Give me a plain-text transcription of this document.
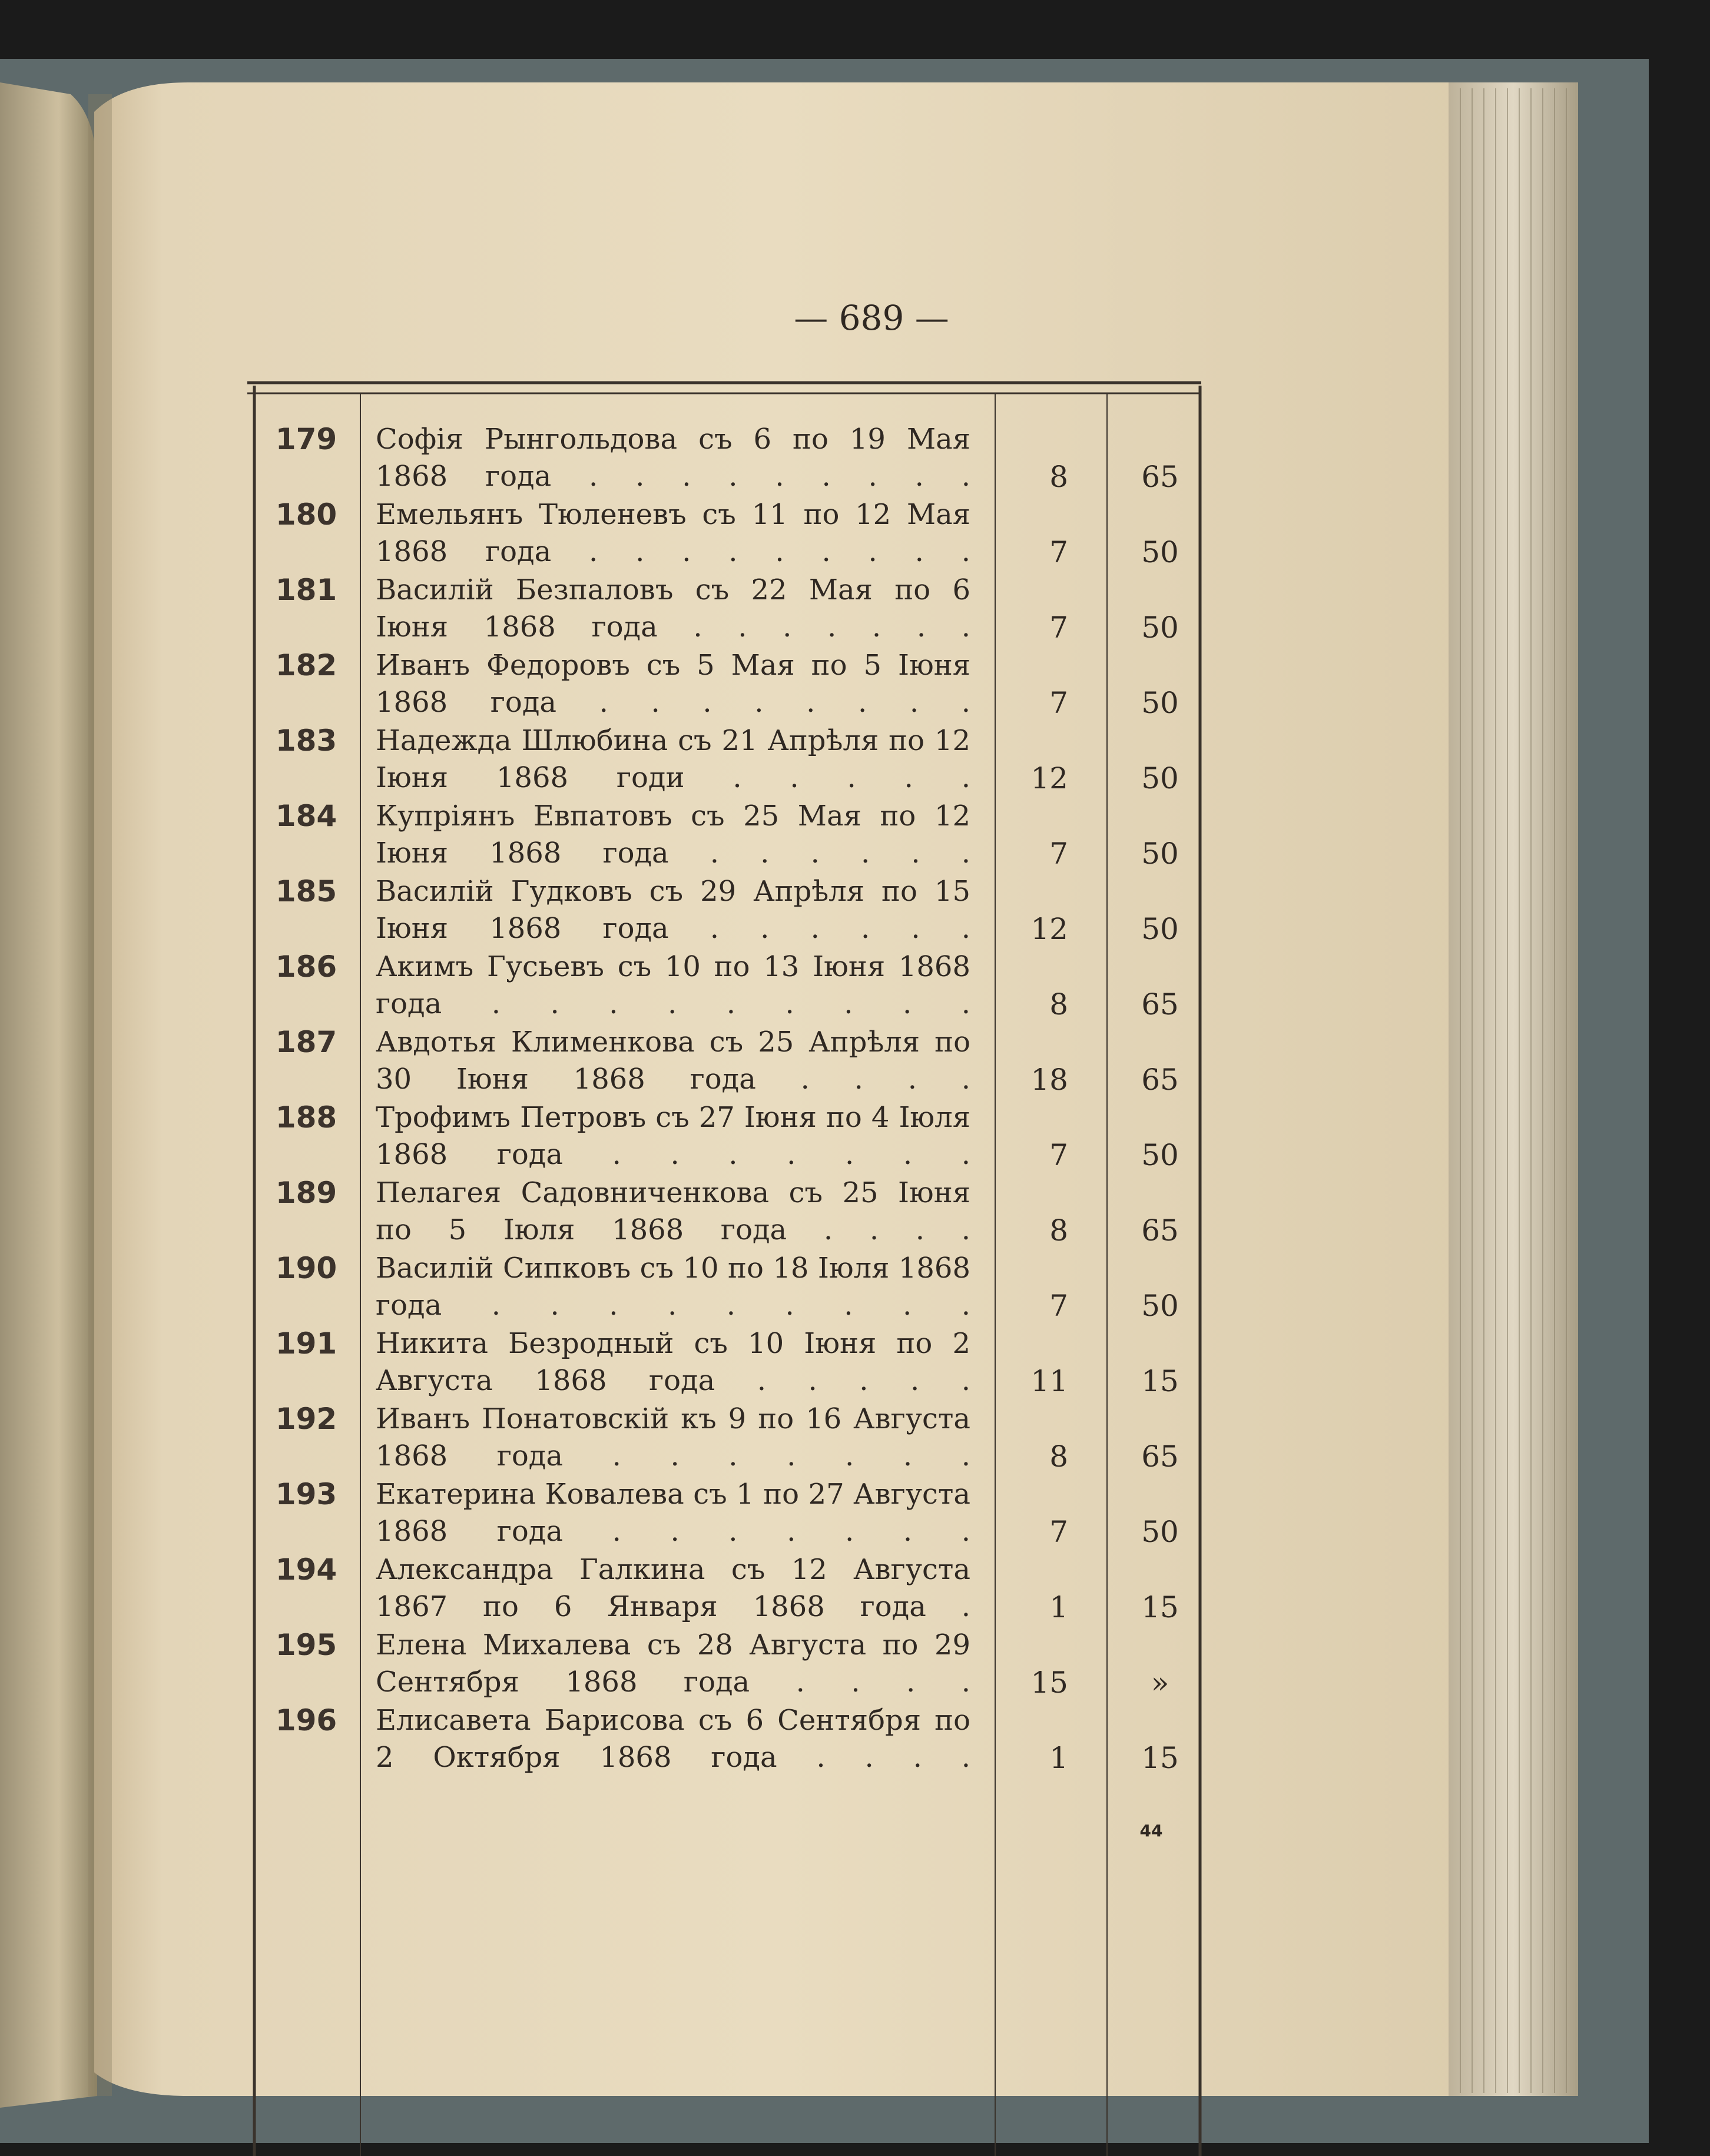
— 689 —
179	Софія Рынгольдова съ 6 по 19 Мая 1868 года . . . . . . . . .	8	65
180	Емельянъ Тюленевъ съ 11 по 12 Мая 1868 года . . . . . . . . .	7	50
181	Василій Безпаловъ съ 22 Мая по 6 Іюня 1868 года . . . . . . .	7	50
182	Иванъ Федоровъ съ 5 Мая по 5 Іюня 1868 года . . . . . . . .	7	50
183	Надежда Шлюбина съ 21 Апрѣля по 12 Іюня 1868 годи . . . . .	12	50
184	Купріянъ Евпатовъ съ 25 Мая по 12 Іюня 1868 года . . . . . .	7	50
185	Василій Гудковъ съ 29 Апрѣля по 15 Іюня 1868 года . . . . . .	12	50
186	Акимъ Гусьевъ съ 10 по 13 Іюня 1868 года . . . . . . . . .	8	65
187	Авдотья Клименкова съ 25 Апрѣля по 30 Іюня 1868 года . . . .	18	65
188	Трофимъ Петровъ съ 27 Іюня по 4 Іюля 1868 года . . . . . . .	7	50
189	Пелагея Садовниченкова съ 25 Іюня по 5 Іюля 1868 года . . . .	8	65
190	Василій Сипковъ съ 10 по 18 Іюля 1868 года . . . . . . . . .	7	50
191	Никита Безродный съ 10 Іюня по 2 Августа 1868 года . . . . .	11	15
192	Иванъ Понатовскій къ 9 по 16 Августа 1868 года . . . . . . .	8	65
193	Екатерина Ковалева съ 1 по 27 Августа 1868 года . . . . . . .	7	50
194	Александра Галкина съ 12 Августа 1867 по 6 Января 1868 года .	1	15
195	Елена Михалева съ 28 Августа по 29 Сентября 1868 года . . . .	15	»
196	Елисавета Барисова съ 6 Сентября по 2 Октября 1868 года . . . .	1	15
44
